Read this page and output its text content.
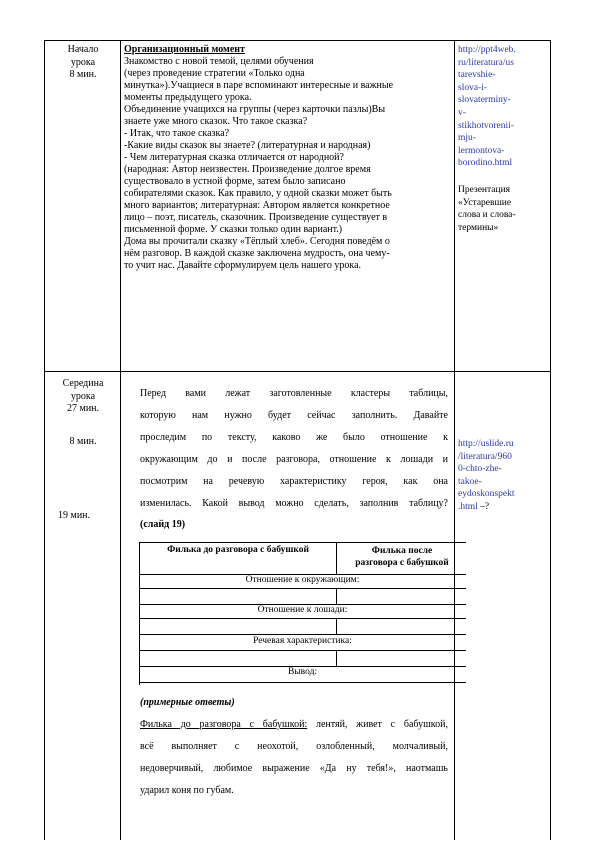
Начало
урока
8 мин.
Организационный момент
Знакомство с новой темой, целями обучения
(через проведение стратегии «Только одна
минутка»).Учащиеся в паре вспоминают интересные и важные
моменты предыдущего урока.
Объединение учащихся на группы (через карточки пазлы)Вы
знаете уже много сказок. Что такое сказка?
- Итак, что такое сказка?
-Какие виды сказок вы знаете? (литературная и народная)
- Чем литературная сказка отличается от народной?
(народная: Автор неизвестен. Произведение долгое время
существовало в устной форме, затем было записано
собирателями сказок. Как правило, у одной сказки может быть
много вариантов; литературная: Автором является конкретное
лицо – поэт, писатель, сказочник. Произведение существует в
письменной форме. У сказки только один вариант.)
Дома вы прочитали сказку «Тёплый хлеб». Сегодня поведём о
нём разговор. В каждой сказке заключена мудрость, она чему-
то учит нас. Давайте сформулируем цель нашего урока.
http://ppt4web.
ru/literatura/us
tarevshie-
slova-i-
slovaterminy-
v-
stikhotvorenii-
mju-
lermontova-
borodino.html
Презентация
«Устаревшие
слова и слова-
термины»
Середина
урока
27 мин.
8 мин.
19 мин.
Перед вами лежат заготовленные кластеры таблицы,
которую нам нужно будет сейчас заполнить. Давайте
проследим по тексту, каково же было отношение к
окружающим до и после разговора, отношение к лошади и
посмотрим на речевую характеристику героя, как она
изменилась. Какой вывод можно сделать, заполнив таблицу?
(слайд 19)
Филька до разговора с бабушкой	Филька после
разговора с бабушкой
Отношение к окружающим:
Отношение к лошади:
Речевая характеристика:
Вывод:
(примерные ответы)
Филька до разговора с бабушкой: лентяй, живет с бабушкой,
всё выполняет с неохотой, озлобленный, молчаливый,
недоверчивый, любимое выражение «Да ну тебя!», наотмашь
ударил коня по губам.
http://uslide.ru
/literatura/960
0-chto-zhe-
takoe-
eydoskonspekt
.html –?
